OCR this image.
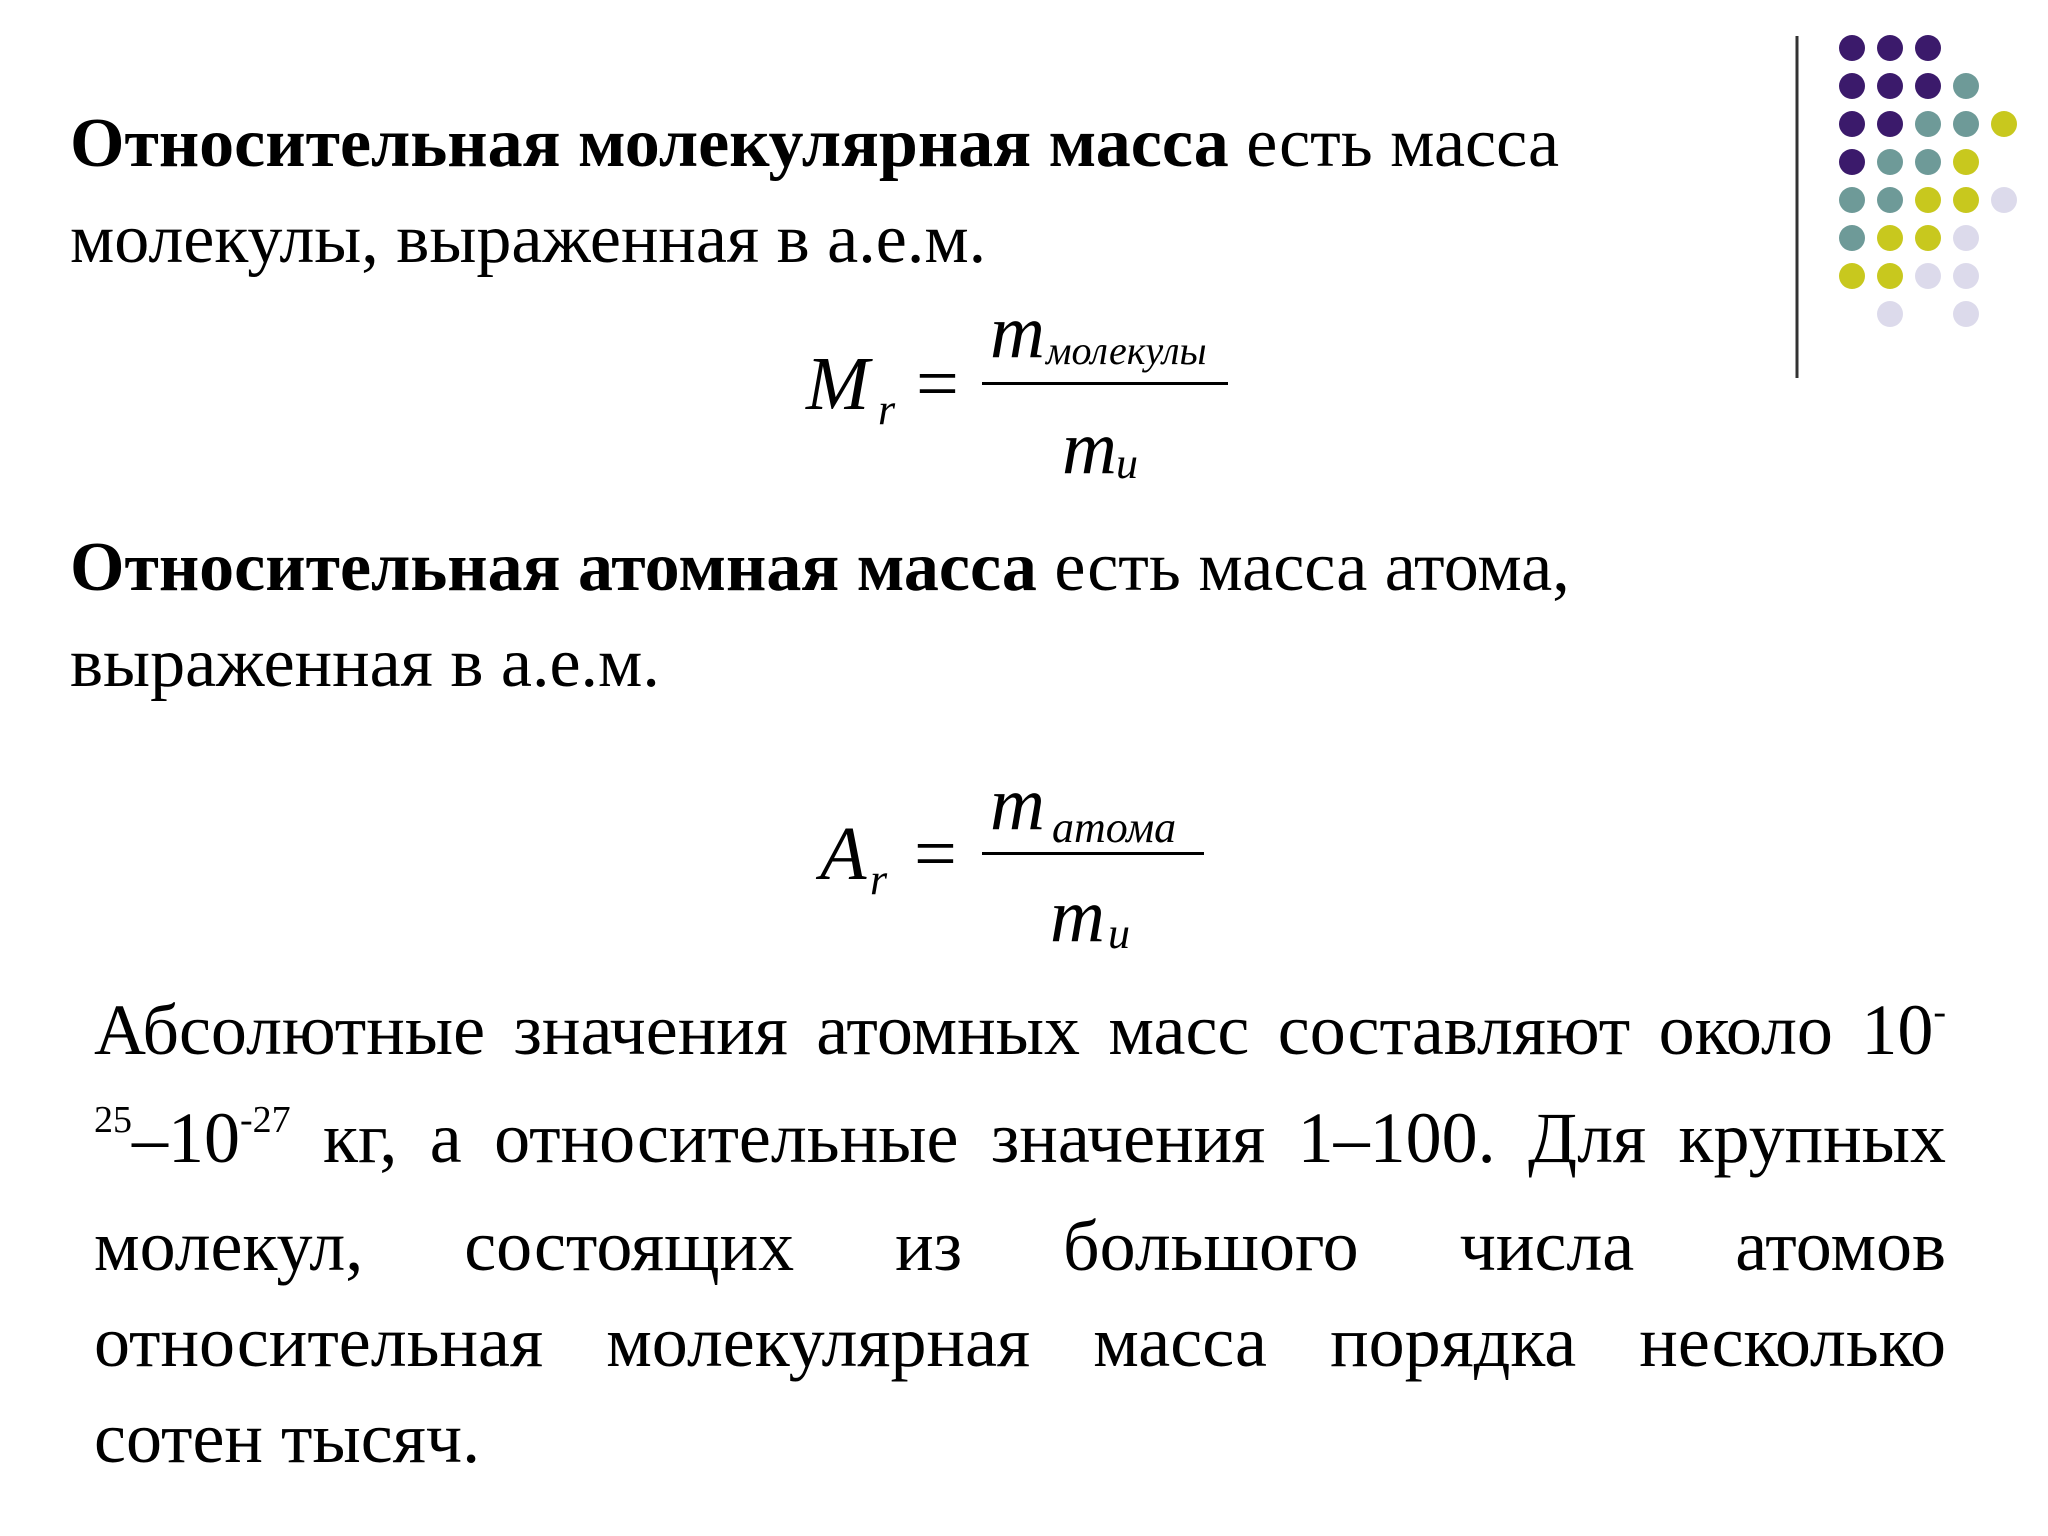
Относительная молекулярная масса есть масса молекулы, выраженная в а.е.м.

M r =
m молекулы
m u

Относительная атомная масса есть масса атома, выраженная в а.е.м.

A r =
m атома
m u

Абсолютные значения атомных масс составляют около $10^{-25}-10^{-27}$ кг, а относительные значения 1–100. Для крупных молекул, состоящих из большого числа атомов относительная молекулярная масса порядка несколько сотен тысяч.
